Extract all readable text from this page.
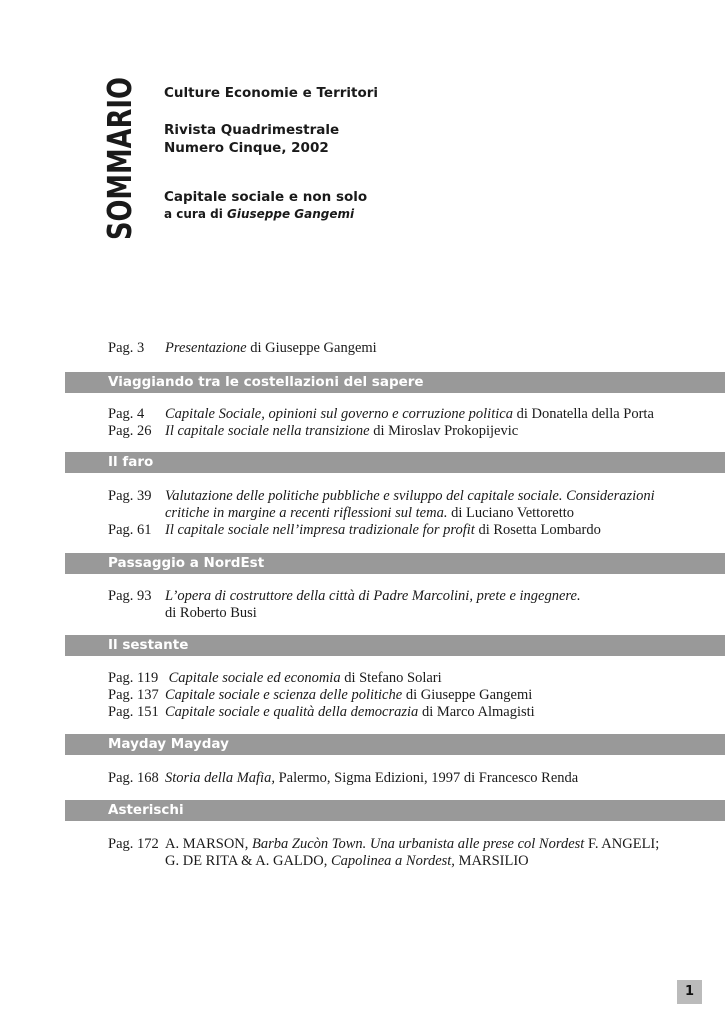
SOMMARIO Culture Economie e Territori
Rivista Quadrimestrale
Numero Cinque, 2002
Capitale sociale e non solo
a cura di Giuseppe Gangemi
Pag. 3 Presentazione di Giuseppe Gangemi
Viaggiando tra le costellazioni del sapere
Pag. 4 Capitale Sociale, opinioni sul governo e corruzione politica di Donatella della Porta
Pag. 26 Il capitale sociale nella transizione di Miroslav Prokopijevic
Il faro
Pag. 39 Valutazione delle politiche pubbliche e sviluppo del capitale sociale. Considerazioni
critiche in margine a recenti riflessioni sul tema. di Luciano Vettoretto
Pag. 61 Il capitale sociale nell’impresa tradizionale for profit di Rosetta Lombardo
Passaggio a NordEst
Pag. 93 L’opera di costruttore della città di Padre Marcolini, prete e ingegnere.
di Roberto Busi
Il sestante
Pag. 119 Capitale sociale ed economia di Stefano Solari
Pag. 137 Capitale sociale e scienza delle politiche di Giuseppe Gangemi
Pag. 151 Capitale sociale e qualità della democrazia di Marco Almagisti
Mayday Mayday
Pag. 168 Storia della Mafia, Palermo, Sigma Edizioni, 1997 di Francesco Renda
Asterischi
Pag. 172 A. MARSON, Barba Zucòn Town. Una urbanista alle prese col Nordest F. ANGELI;
G. DE RITA & A. GALDO, Capolinea a Nordest, MARSILIO
1
